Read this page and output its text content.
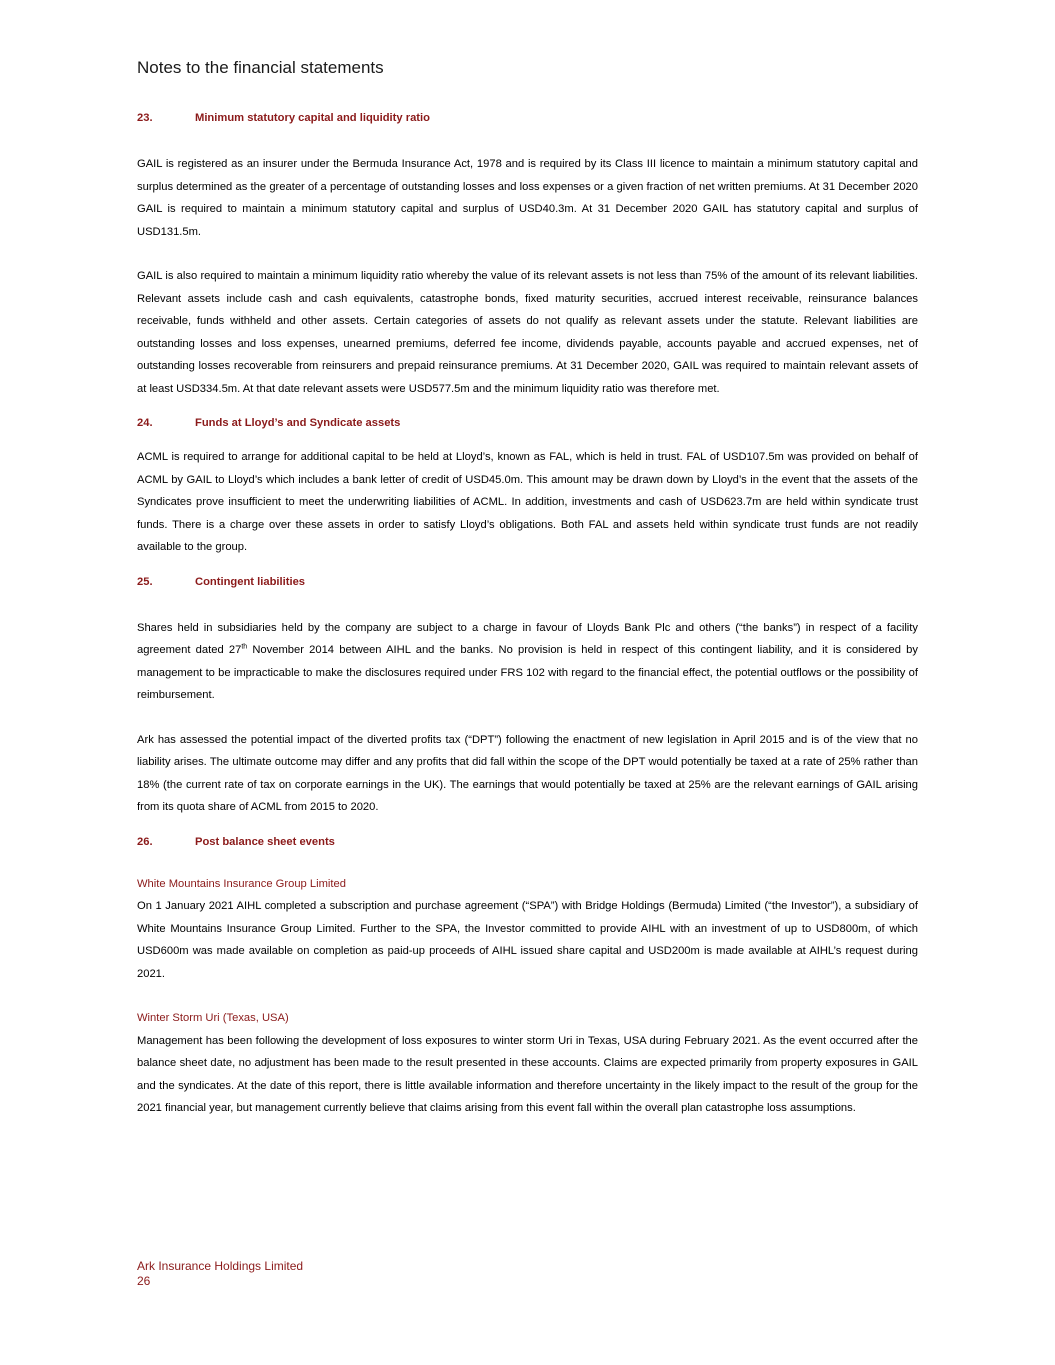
Notes to the financial statements
23.	Minimum statutory capital and liquidity ratio

GAIL is registered as an insurer under the Bermuda Insurance Act, 1978 and is required by its Class III licence to maintain a minimum statutory capital and surplus determined as the greater of a percentage of outstanding losses and loss expenses or a given fraction of net written premiums. At 31 December 2020 GAIL is required to maintain a minimum statutory capital and surplus of USD40.3m. At 31 December 2020 GAIL has statutory capital and surplus of USD131.5m.

GAIL is also required to maintain a minimum liquidity ratio whereby the value of its relevant assets is not less than 75% of the amount of its relevant liabilities. Relevant assets include cash and cash equivalents, catastrophe bonds, fixed maturity securities, accrued interest receivable, reinsurance balances receivable, funds withheld and other assets. Certain categories of assets do not qualify as relevant assets under the statute. Relevant liabilities are outstanding losses and loss expenses, unearned premiums, deferred fee income, dividends payable, accounts payable and accrued expenses, net of outstanding losses recoverable from reinsurers and prepaid reinsurance premiums. At 31 December 2020, GAIL was required to maintain relevant assets of at least USD334.5m. At that date relevant assets were USD577.5m and the minimum liquidity ratio was therefore met.

24.	Funds at Lloyd’s and Syndicate assets

ACML is required to arrange for additional capital to be held at Lloyd’s, known as FAL, which is held in trust. FAL of USD107.5m was provided on behalf of ACML by GAIL to Lloyd’s which includes a bank letter of credit of USD45.0m. This amount may be drawn down by Lloyd’s in the event that the assets of the Syndicates prove insufficient to meet the underwriting liabilities of ACML. In addition, investments and cash of USD623.7m are held within syndicate trust funds. There is a charge over these assets in order to satisfy Lloyd’s obligations. Both FAL and assets held within syndicate trust funds are not readily available to the group.

25.	Contingent liabilities

Shares held in subsidiaries held by the company are subject to a charge in favour of Lloyds Bank Plc and others (“the banks”) in respect of a facility agreement dated 27th November 2014 between AIHL and the banks. No provision is held in respect of this contingent liability, and it is considered by management to be impracticable to make the disclosures required under FRS 102 with regard to the financial effect, the potential outflows or the possibility of reimbursement.

Ark has assessed the potential impact of the diverted profits tax (“DPT”) following the enactment of new legislation in April 2015 and is of the view that no liability arises. The ultimate outcome may differ and any profits that did fall within the scope of the DPT would potentially be taxed at a rate of 25% rather than 18% (the current rate of tax on corporate earnings in the UK). The earnings that would potentially be taxed at 25% are the relevant earnings of GAIL arising from its quota share of ACML from 2015 to 2020.

26.	Post balance sheet events

White Mountains Insurance Group Limited

On 1 January 2021 AIHL completed a subscription and purchase agreement (“SPA”) with Bridge Holdings (Bermuda) Limited (“the Investor”), a subsidiary of White Mountains Insurance Group Limited. Further to the SPA, the Investor committed to provide AIHL with an investment of up to USD800m, of which USD600m was made available on completion as paid-up proceeds of AIHL issued share capital and USD200m is made available at AIHL’s request during 2021.

Winter Storm Uri (Texas, USA)

Management has been following the development of loss exposures to winter storm Uri in Texas, USA during February 2021. As the event occurred after the balance sheet date, no adjustment has been made to the result presented in these accounts. Claims are expected primarily from property exposures in GAIL and the syndicates. At the date of this report, there is little available information and therefore uncertainty in the likely impact to the result of the group for the 2021 financial year, but management currently believe that claims arising from this event fall within the overall plan catastrophe loss assumptions.

Ark Insurance Holdings Limited
26
